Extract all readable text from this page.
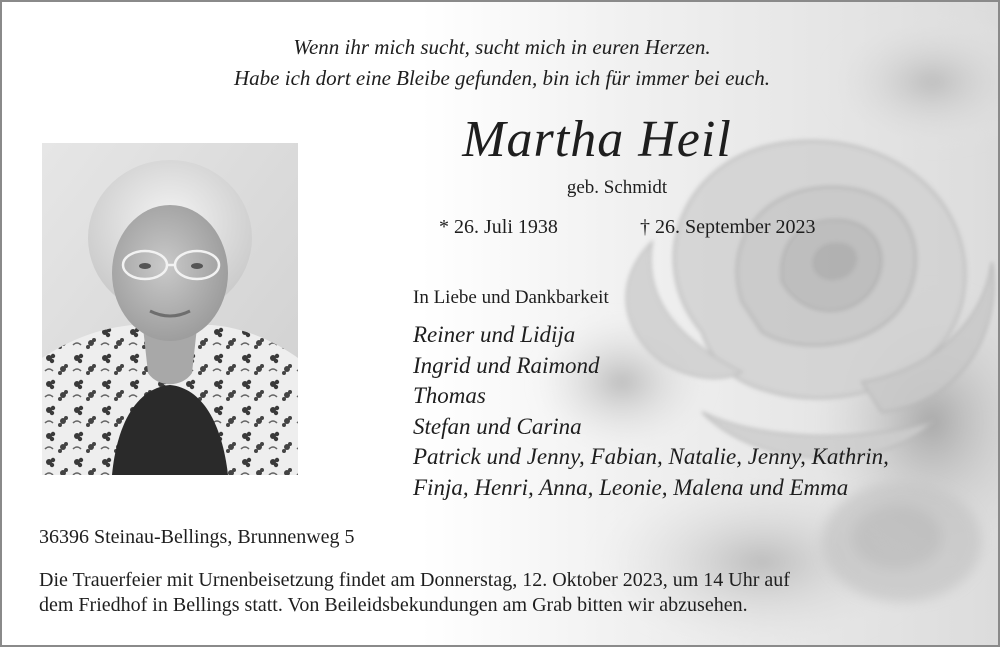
Wenn ihr mich sucht, sucht mich in euren Herzen.
Habe ich dort eine Bleibe gefunden, bin ich für immer bei euch.
Martha Heil
geb. Schmidt
* 26. Juli 1938	† 26. September 2023
In Liebe und Dankbarkeit
Reiner und Lidija
Ingrid und Raimond
Thomas
Stefan und Carina
Patrick und Jenny, Fabian, Natalie, Jenny, Kathrin,
Finja, Henri, Anna, Leonie, Malena und Emma
36396 Steinau-Bellings, Brunnenweg 5
Die Trauerfeier mit Urnenbeisetzung findet am Donnerstag, 12. Oktober 2023, um 14 Uhr auf
dem Friedhof in Bellings statt. Von Beileidsbekundungen am Grab bitten wir abzusehen.
